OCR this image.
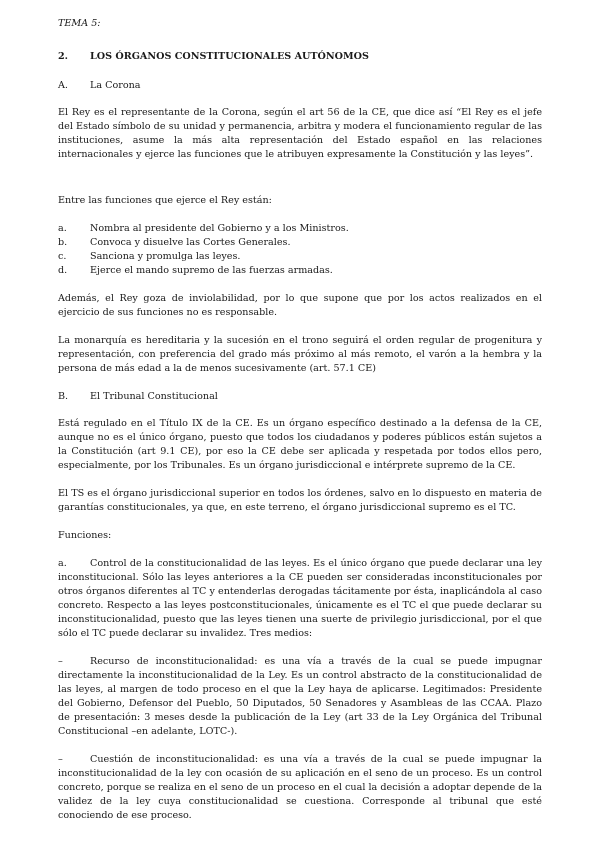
TEMA 5:

2.	LOS ÓRGANOS CONSTITUCIONALES AUTÓNOMOS
A.	La Corona

El Rey es el representante de la Corona, según el art 56 de la CE, que dice así “El Rey es el jefe del Estado símbolo de su unidad y permanencia, arbitra y modera el funcionamiento regular de las instituciones, asume la más alta representación del Estado español en las relaciones internacionales y ejerce las funciones que le atribuyen expresamente la Constitución y las leyes”.

Entre las funciones que ejerce el Rey están:

a.	Nombra al presidente del Gobierno y a los Ministros.
b.	Convoca y disuelve las Cortes Generales.
c.	Sanciona y promulga las leyes.
d.	Ejerce el mando supremo de las fuerzas armadas.

Además, el Rey goza de inviolabilidad, por lo que supone que por los actos realizados en el ejercicio de sus funciones no es responsable.

La monarquía es hereditaria y la sucesión en el trono seguirá el orden regular de progenitura y representación, con preferencia del grado más próximo al más remoto, el varón a la hembra y la persona de más edad a la de menos sucesivamente (art. 57.1 CE)

B.	El Tribunal Constitucional

Está regulado en el Título IX de la CE. Es un órgano específico destinado a la defensa de la CE, aunque no es el único órgano, puesto que todos los ciudadanos y poderes públicos están sujetos a la Constitución (art 9.1 CE), por eso la CE debe ser aplicada y respetada por todos ellos pero, especialmente, por los Tribunales. Es un órgano jurisdiccional e intérprete supremo de la CE.

El TS es el órgano jurisdiccional superior en todos los órdenes, salvo en lo dispuesto en materia de garantías constitucionales, ya que, en este terreno, el órgano jurisdiccional supremo es el TC.

Funciones:

a. Control de la constitucionalidad de las leyes. Es el único órgano que puede declarar una ley inconstitucional. Sólo las leyes anteriores a la CE pueden ser consideradas inconstitucionales por otros órganos diferentes al TC y entenderlas derogadas tácitamente por ésta, inaplicándola al caso concreto. Respecto a las leyes postconstitucionales, únicamente es el TC el que puede declarar su inconstitucionalidad, puesto que las leyes tienen una suerte de privilegio jurisdiccional, por el que sólo el TC puede declarar su invalidez. Tres medios:

–	Recurso de inconstitucionalidad: es una vía a través de la cual se puede impugnar directamente la inconstitucionalidad de la Ley. Es un control abstracto de la constitucionalidad de las leyes, al margen de todo proceso en el que la Ley haya de aplicarse. Legitimados: Presidente del Gobierno, Defensor del Pueblo, 50 Diputados, 50 Senadores y Asambleas de las CCAA. Plazo de presentación: 3 meses desde la publicación de la Ley (art 33 de la Ley Orgánica del Tribunal Constitucional –en adelante, LOTC-).

–	Cuestión de inconstitucionalidad: es una vía a través de la cual se puede impugnar la inconstitucionalidad de la ley con ocasión de su aplicación en el seno de un proceso. Es un control concreto, porque se realiza en el seno de un proceso en el cual la decisión a adoptar depende de la validez de la ley cuya constitucionalidad se cuestiona. Corresponde al tribunal que esté conociendo de ese proceso.
